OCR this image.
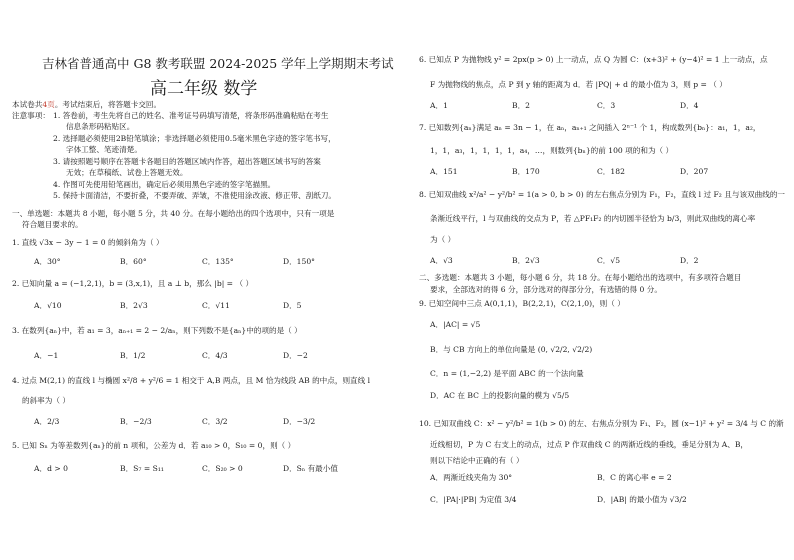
吉林省普通高中 G8 教考联盟 2024-2025 学年上学期期末考试
高二年级 数学
本试卷共4页。考试结束后，将答题卡交回。
注意事项： 1. 答卷前，考生先将自己的姓名、准考证号码填写清楚，将条形码准确粘贴在考生
信息条形码粘贴区。
2. 选择题必须使用2B铅笔填涂；非选择题必须使用0.5毫米黑色字迹的签字笔书写，
字体工整、笔迹清楚。
3. 请按照题号顺序在答题卡各题目的答题区域内作答，超出答题区域书写的答案
无效；在草稿纸、试卷上答题无效。
4. 作图可先使用铅笔画出，确定后必须用黑色字迹的签字笔描黑。
5. 保持卡面清洁，不要折叠，不要弄破、弄皱，不准使用涂改液、修正带、刮纸刀。
一、单选题：本题共 8 小题，每小题 5 分，共 40 分。在每小题给出的四个选项中，只有一项是
符合题目要求的。
1. 直线 √3x − 3y − 1 = 0 的倾斜角为（ ）
A．30°	B．60°	C．135°	D．150°
2. 已知向量 a = (−1,2,1)，b = (3,x,1)，且 a ⊥ b，那么 |b| = （ ）
A．√10	B．2√3	C．√11	D．5
3. 在数列{aₙ}中，若 a₁ = 3，aₙ₊₁ = 2 − 2/aₙ，则下列数不是{aₙ}中的项的是（ ）
A．−1	B．1/2	C．4/3	D．−2
4. 过点 M(2,1) 的直线 l 与椭圆 x²/8 + y²/6 = 1 相交于 A,B 两点，且 M 恰为线段 AB 的中点，则直线 l
的斜率为（ ）
A．2/3	B．−2/3	C．3/2	D．−3/2
5. 已知 Sₙ 为等差数列{aₙ}的前 n 项和，公差为 d．若 a₁₀ > 0，S₁₀ = 0，则（ ）
A．d > 0	B．S₇ = S₁₁	C．S₂₀ > 0	D．Sₙ 有最小值
6. 已知点 P 为抛物线 y² = 2px(p > 0) 上一动点，点 Q 为圆 C：(x+3)² + (y−4)² = 1 上一动点，点
F 为抛物线的焦点，点 P 到 y 轴的距离为 d．若 |PQ| + d 的最小值为 3，则 p = （ ）
A．1	B．2	C．3	D．4
7. 已知数列{aₙ}满足 aₙ = 3n − 1，在 aₙ，aₙ₊₁ 之间插入 2ⁿ⁻¹ 个 1，构成数列{bₙ}：a₁，1，a₂，
1，1，a₃，1，1，1，1，a₄，…，则数列{bₙ}的前 100 项的和为（ ）
A．151	B．170	C．182	D．207
8. 已知双曲线 x²/a² − y²/b² = 1(a > 0, b > 0) 的左右焦点分别为 F₁，F₂，直线 l 过 F₂ 且与该双曲线的一
条渐近线平行，l 与双曲线的交点为 P，若 △PF₁F₂ 的内切圆半径恰为 b/3，则此双曲线的离心率
为（ ）
A．√3	B．2√3	C．√5	D．2
二、多选题：本题共 3 小题，每小题 6 分，共 18 分。在每小题给出的选项中，有多项符合题目
要求，全部选对的得 6 分，部分选对的得部分分，有选错的得 0 分。
9. 已知空间中三点 A(0,1,1)，B(2,2,1)，C(2,1,0)，则（ ）
A．|AC| = √5
B．与 CB 方向上的单位向量是 (0, √2/2, √2/2)
C．n = (1,−2,2) 是平面 ABC 的一个法向量
D．AC 在 BC 上的投影向量的模为 √5/5
10. 已知双曲线 C：x² − y²/b² = 1(b > 0) 的左、右焦点分别为 F₁、F₂，圆 (x−1)² + y² = 3/4 与 C 的渐
近线相切，P 为 C 右支上的动点，过点 P 作双曲线 C 的两渐近线的垂线，垂足分别为 A、B，
则以下结论中正确的有（ ）
A．两渐近线夹角为 30°	B．C 的离心率 e = 2
C．|PA|·|PB| 为定值 3/4	D．|AB| 的最小值为 √3/2
